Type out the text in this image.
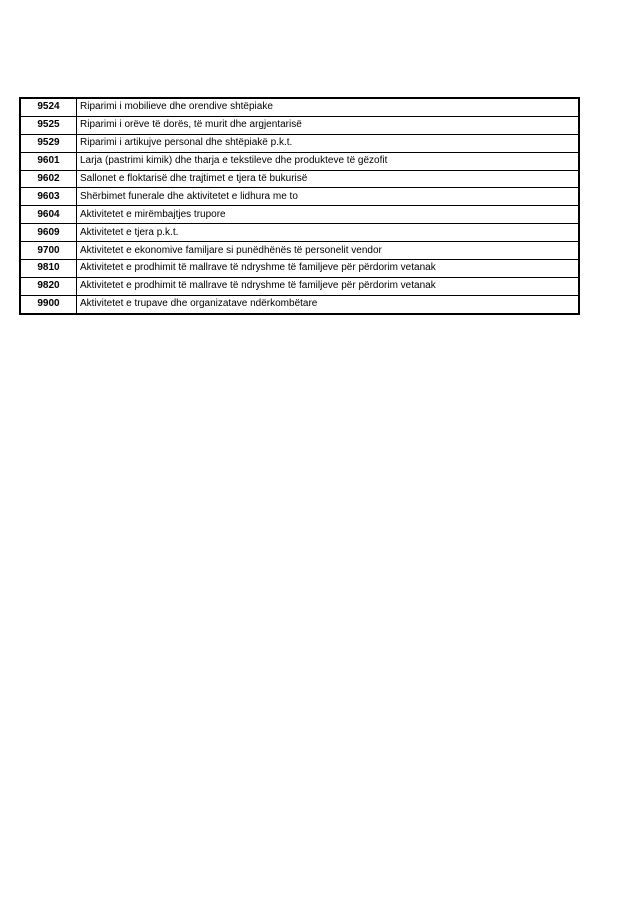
9524	Riparimi i mobilieve dhe orendive shtëpiake
9525	Riparimi i orëve të dorës, të murit dhe argjentarisë
9529	Riparimi i artikujve personal dhe shtëpiakë p.k.t.
9601	Larja (pastrimi kimik) dhe tharja e tekstileve dhe produkteve të gëzofit
9602	Sallonet e floktarisë dhe trajtimet e tjera të bukurisë
9603	Shërbimet funerale dhe aktivitetet e lidhura me to
9604	Aktivitetet e mirëmbajtjes trupore
9609	Aktivitetet e tjera p.k.t.
9700	Aktivitetet e ekonomive familjare si punëdhënës të personelit vendor
9810	Aktivitetet e prodhimit të mallrave të ndryshme të familjeve për përdorim vetanak
9820	Aktivitetet e prodhimit të mallrave të ndryshme të familjeve për përdorim vetanak
9900	Aktivitetet e trupave dhe organizatave ndërkombëtare
